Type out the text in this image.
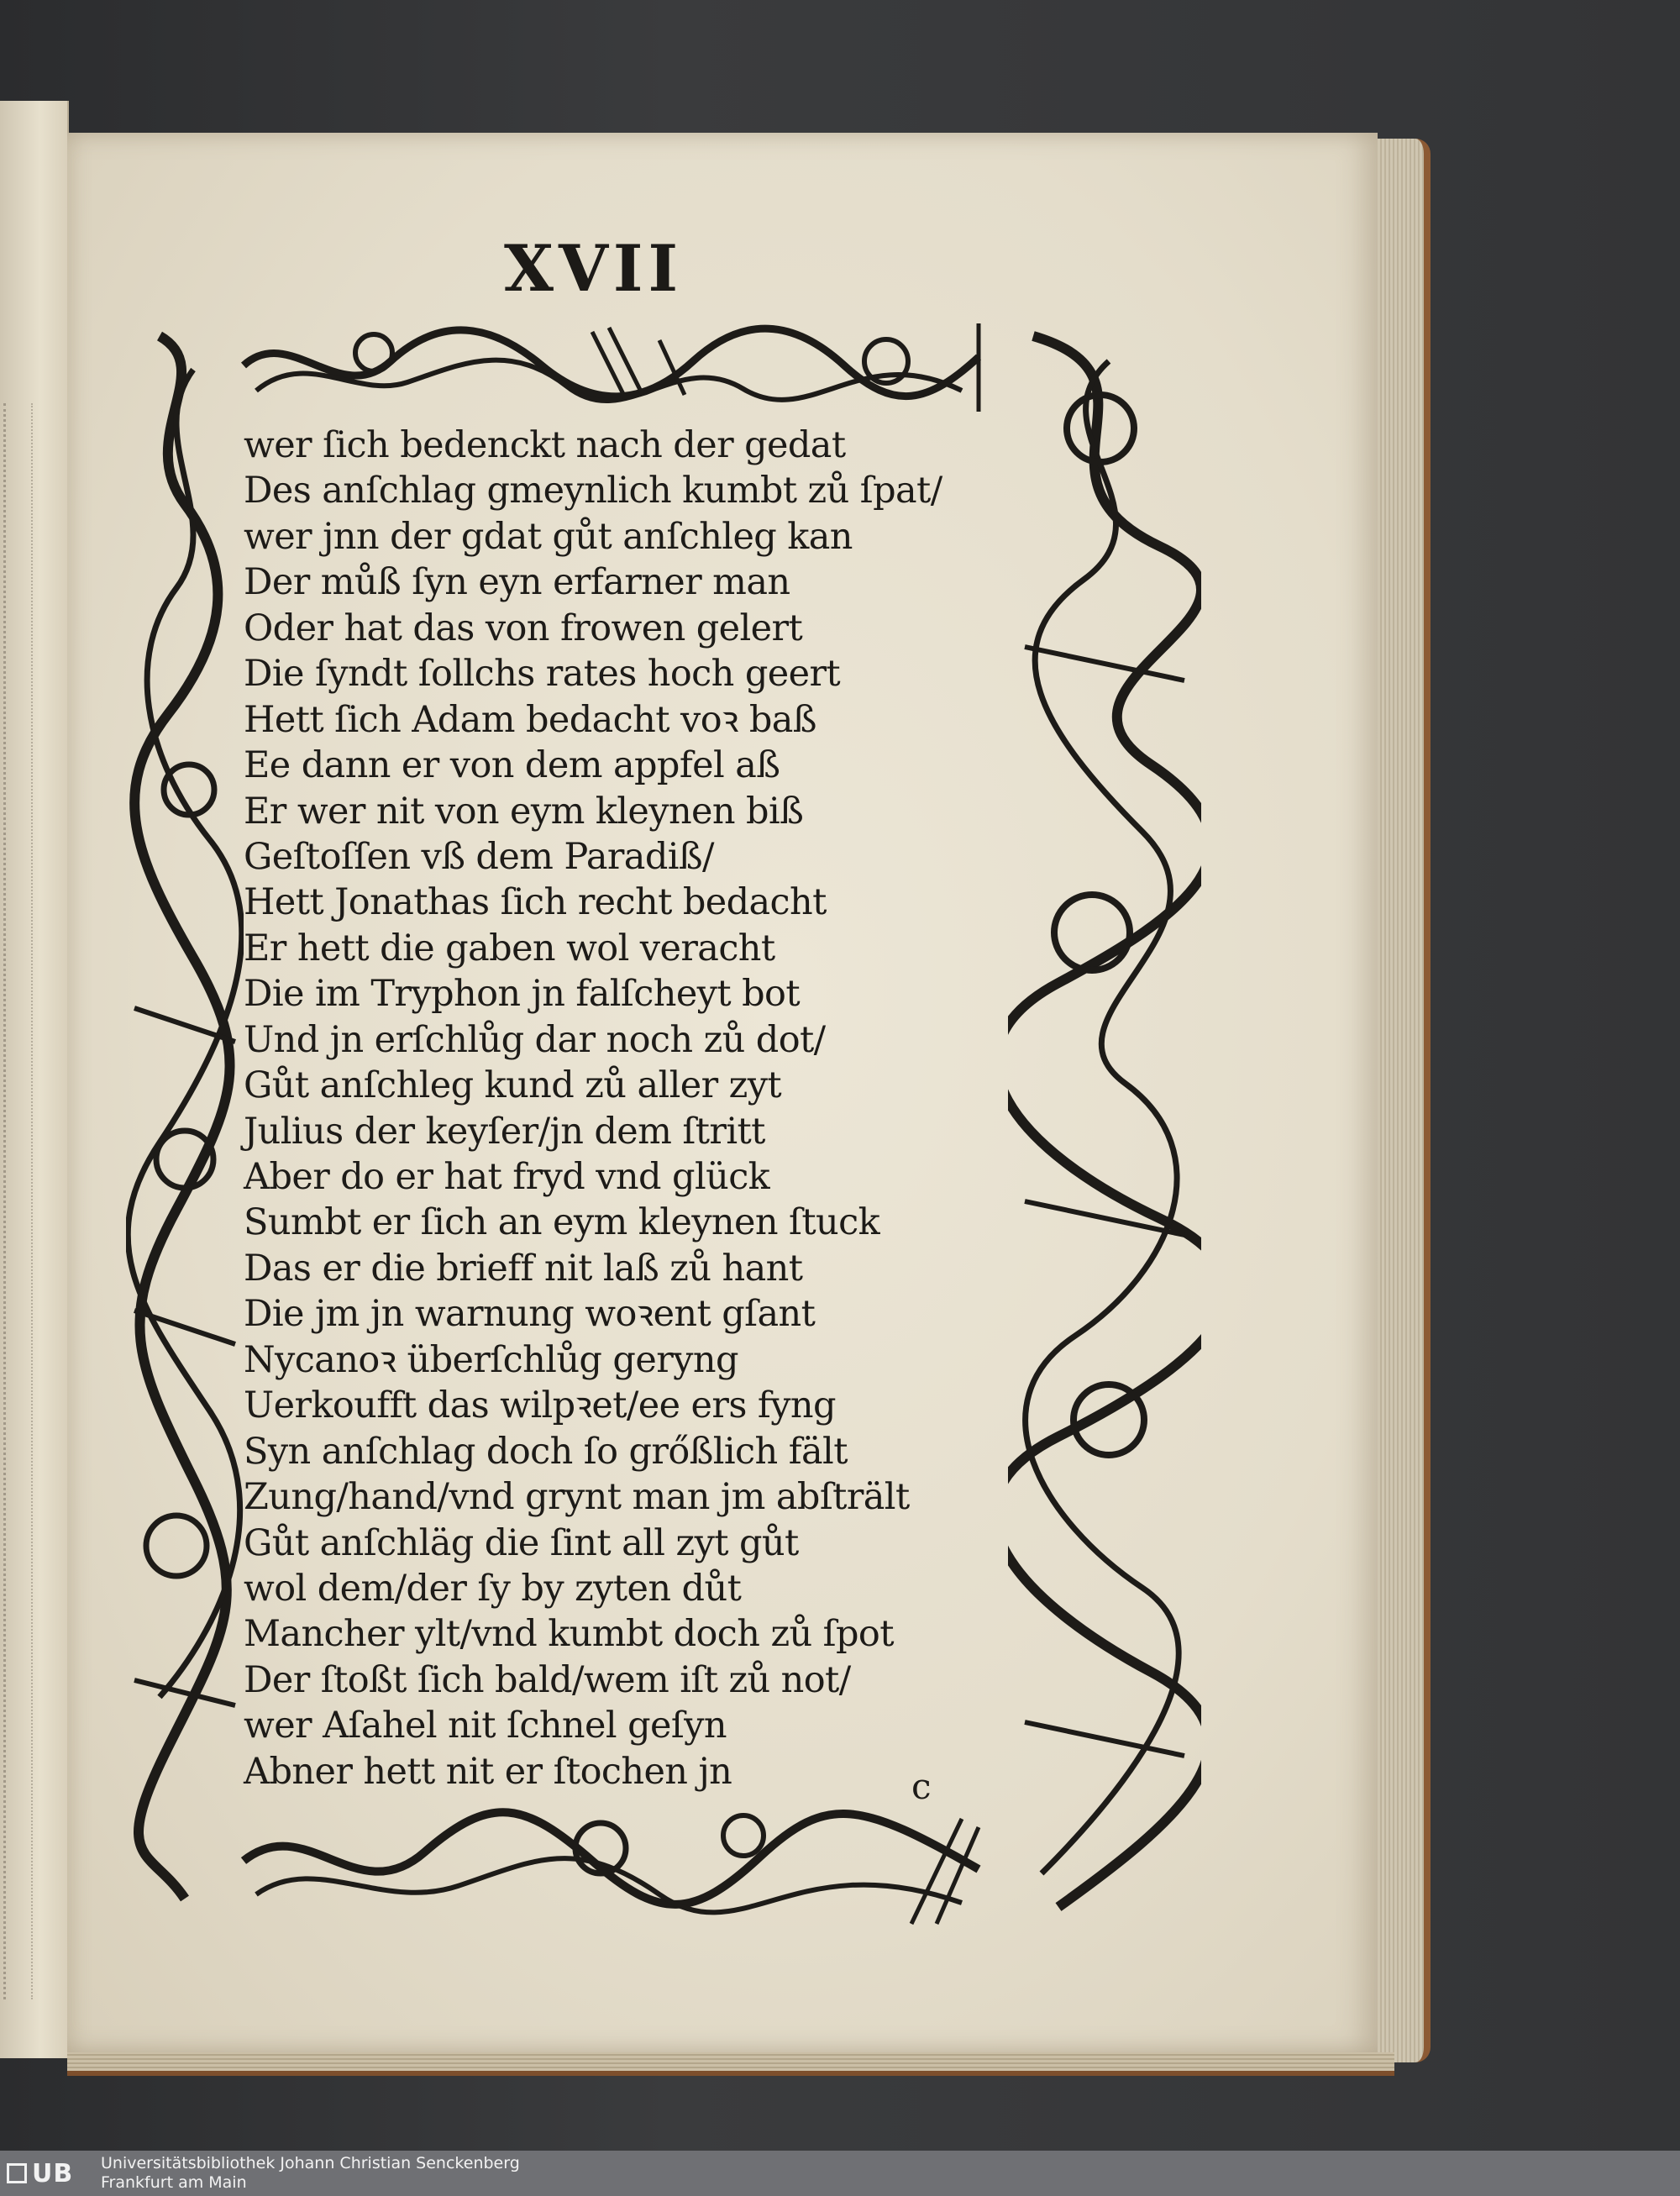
XVII
wer ſich bedenckt nach der gedat
Des anſchlag gmeynlich kumbt zů ſpat/
wer jnn der gdat gůt anſchleg kan
Der můß ſyn eyn erfarner man
Oder hat das von frowen gelert
Die ſyndt ſollchs rates hoch geert
Hett ſich Adam bedacht voꝛ baß
Ee dann er von dem appfel aß
Er wer nit von eym kleynen biß
Geſtoſſen vß dem Paradiß/
Hett Jonathas ſich recht bedacht
Er hett die gaben wol veracht
Die im Tryphon jn falſcheyt bot
Und jn erſchlůg dar noch zů dot/
Gůt anſchleg kund zů aller zyt
Julius der keyſer/jn dem ſtritt
Aber do er hat fryd vnd glück
Sumbt er ſich an eym kleynen ſtuck
Das er die brieff nit laß zů hant
Die jm jn warnung woꝛent gſant
Nycanoꝛ überſchlůg geryng
Uerkoufft das wilpꝛet/ee ers fyng
Syn anſchlag doch ſo grőßlich fält
Zung/hand/vnd grynt man jm abſtrält
Gůt anſchläg die ſint all zyt gůt
wol dem/der ſy by zyten důt
Mancher ylt/vnd kumbt doch zů ſpot
Der ſtoßt ſich bald/wem iſt zů not/
wer Aſahel nit ſchnel geſyn
Abner hett nit er ſtochen jn	c
UB Universitätsbibliothek Johann Christian Senckenberg
Frankfurt am Main
